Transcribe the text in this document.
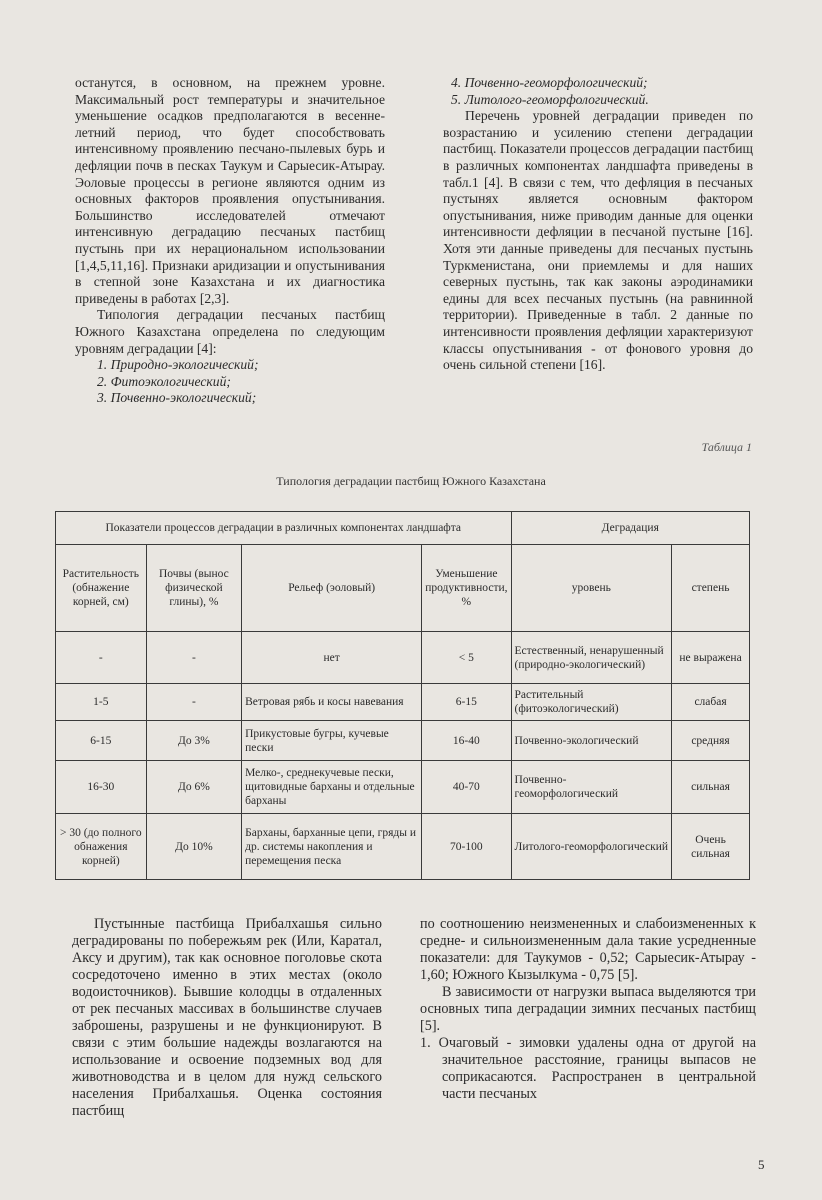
останутся, в основном, на прежнем уровне. Максимальный рост температуры и значительное уменьшение осадков предполагаются в весенне-летний период, что будет способствовать интенсивному проявлению песчано-пылевых бурь и дефляции почв в песках Таукум и Сарыесик-Атырау. Эоловые процессы в регионе являются одним из основных факторов проявления опустынивания. Большинство исследователей отмечают интенсивную деградацию песчаных пастбищ пустынь при их нерациональном использовании [1,4,5,11,16]. Признаки аридизации и опустынивания в степной зоне Казахстана и их диагностика приведены в работах [2,3].

Типология деградации песчаных пастбищ Южного Казахстана определена по следующим уровням деградации [4]:

1. Природно-экологический;

2. Фитоэкологический;

3. Почвенно-экологический;

4. Почвенно-геоморфологический;

5. Литолого-геоморфологический.

Перечень уровней деградации приведен по возрастанию и усилению степени деградации пастбищ. Показатели процессов деградации пастбищ в различных компонентах ландшафта приведены в табл.1 [4]. В связи с тем, что дефляция в песчаных пустынях является основным фактором опустынивания, ниже приводим данные для оценки интенсивности дефляции в песчаной пустыне [16]. Хотя эти данные приведены для песчаных пустынь Туркменистана, они приемлемы и для наших северных пустынь, так как законы аэродинамики едины для всех песчаных пустынь (на равнинной территории). Приведенные в табл. 2 данные по интенсивности проявления дефляции характеризуют классы опустынивания - от фонового уровня до очень сильной степени [16].

Таблица 1
Типология деградации пастбищ Южного Казахстана
Показатели процессов деградации в различных компонентах ландшафта				Деградация	
Растительность (обнажение корней, см)	Почвы (вынос физической глины), %	Рельеф (эоловый)	Уменьшение продуктивности, %	уровень	степень
-	-	нет	< 5	Естественный, ненарушенный (природно-экологический)	не выражена
1-5	-	Ветровая рябь и косы навевания	6-15	Растительный (фитоэкологический)	слабая
6-15	До 3%	Прикустовые бугры, кучевые пески	16-40	Почвенно-экологический	средняя
16-30	До 6%	Мелко-, среднекучевые пески, щитовидные барханы и отдельные барханы	40-70	Почвенно-геоморфологический	сильная
> 30 (до полного обнажения корней)	До 10%	Барханы, барханные цепи, гряды и др. системы накопления и перемещения песка	70-100	Литолого-геоморфологический	Очень сильная

Пустынные пастбища Прибалхашья сильно деградированы по побережьям рек (Или, Каратал, Аксу и другим), так как основное поголовье скота сосредоточено именно в этих местах (около водоисточников). Бывшие колодцы в отдаленных от рек песчаных массивах в большинстве случаев заброшены, разрушены и не функционируют. В связи с этим большие надежды возлагаются на использование и освоение подземных вод для животноводства и в целом для нужд сельского населения Прибалхашья. Оценка состояния пастбищ

по соотношению неизмененных и слабоизмененных к средне- и сильноизмененным дала такие усредненные показатели: для Таукумов - 0,52; Сарыесик-Атырау - 1,60; Южного Кызылкума - 0,75 [5].

В зависимости от нагрузки выпаса выделяются три основных типа деградации зимних песчаных пастбищ [5].

1. Очаговый - зимовки удалены одна от другой на значительное расстояние, границы выпасов не соприкасаются. Распространен в центральной части песчаных

5
